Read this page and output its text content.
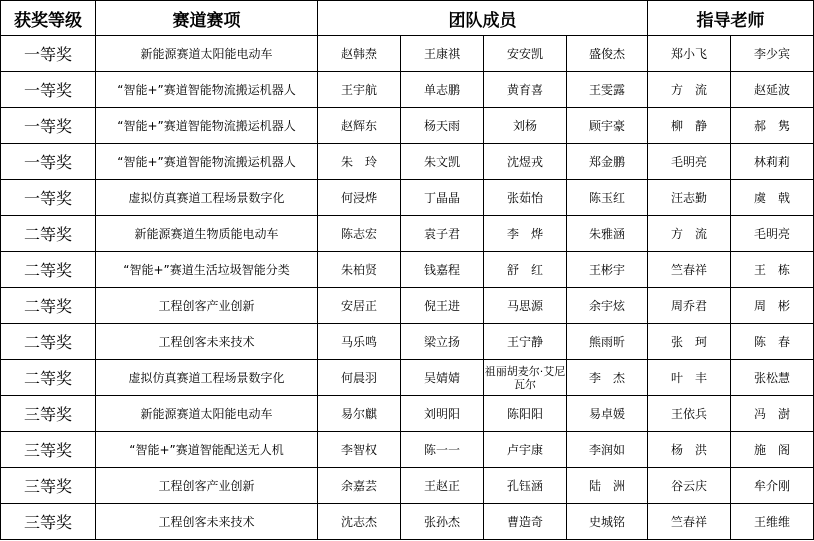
获奖等级	赛道赛项	团队成员				指导老师	
一等奖	新能源赛道太阳能电动车	赵韩焘	王康祺	安安凯	盛俊杰	郑小飞	李少宾
一等奖	“智能+”赛道智能物流搬运机器人	王宇航	单志鹏	黄育喜	王雯露	方　流	赵延波
一等奖	“智能+”赛道智能物流搬运机器人	赵辉东	杨天雨	刘杨	顾宇豪	柳　静	郝　隽
一等奖	“智能+”赛道智能物流搬运机器人	朱　玲	朱文凯	沈煜戎	郑金鹏	毛明亮	林莉莉
一等奖	虚拟仿真赛道工程场景数字化	何浸烨	丁晶晶	张茹怡	陈玉红	汪志勤	虞　戟
二等奖	新能源赛道生物质能电动车	陈志宏	袁子君	李　烨	朱雅涵	方　流	毛明亮
二等奖	“智能+”赛道生活垃圾智能分类	朱柏贤	钱嘉程	舒　红	王彬宇	竺春祥	王　栋
二等奖	工程创客产业创新	安居正	倪王进	马思源	余宇炫	周乔君	周　彬
二等奖	工程创客未来技术	马乐鸣	梁立扬	王宁静	熊雨昕	张　珂	陈　春
二等奖	虚拟仿真赛道工程场景数字化	何晨羽	吴婧婧	祖丽胡麦尔·艾尼瓦尔	李　杰	叶　丰	张松慧
三等奖	新能源赛道太阳能电动车	易尔麒	刘明阳	陈阳阳	易卓媛	王依兵	冯　澍
三等奖	“智能+”赛道智能配送无人机	李智权	陈一一	卢宇康	李润如	杨　洪	施　阁
三等奖	工程创客产业创新	余嘉芸	王赵正	孔钰涵	陆　洲	谷云庆	牟介刚
三等奖	工程创客未来技术	沈志杰	张孙杰	曹造奇	史城铭	竺春祥	王维维
